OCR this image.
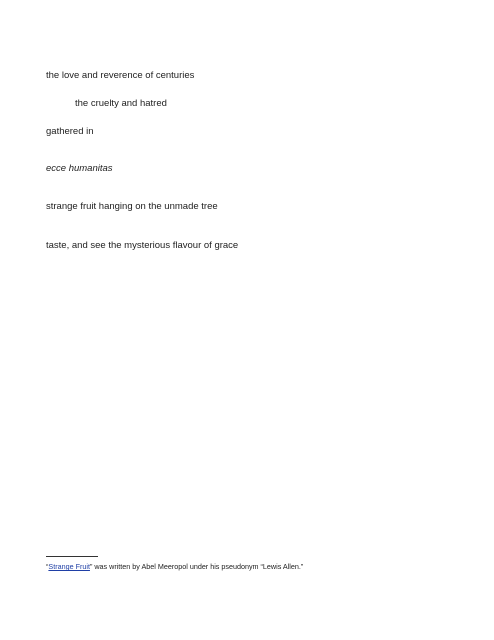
the love and reverence of centuries
the cruelty and hatred
gathered in
ecce humanitas
strange fruit hanging on the unmade tree
taste, and see the mysterious flavour of grace
“Strange Fruit” was written by Abel Meeropol under his pseudonym “Lewis Allen.”
